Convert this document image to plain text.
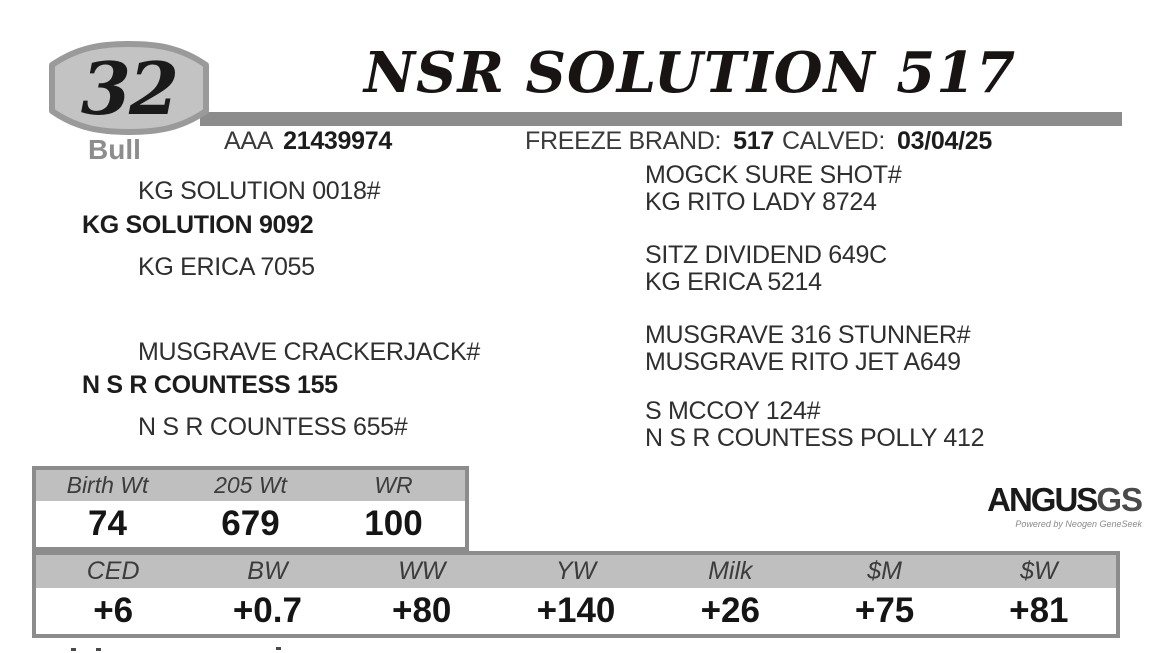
32
Bull
NSR SOLUTION 517
AAA 21439974	FREEZE BRAND: 517 CALVED: 03/04/25
KG SOLUTION 0018#
KG SOLUTION 9092
KG ERICA 7055
MUSGRAVE CRACKERJACK#
N S R COUNTESS 155
N S R COUNTESS 655#
MOGCK SURE SHOT#
KG RITO LADY 8724
SITZ DIVIDEND 649C
KG ERICA 5214
MUSGRAVE 316 STUNNER#
MUSGRAVE RITO JET A649
S MCCOY 124#
N S R COUNTESS POLLY 412
Birth Wt	205 Wt	WR
74	679	100
ANGUSGS
Powered by Neogen GeneSeek
CED	BW	WW	YW	Milk	$M	$W
+6	+0.7	+80	+140	+26	+75	+81
